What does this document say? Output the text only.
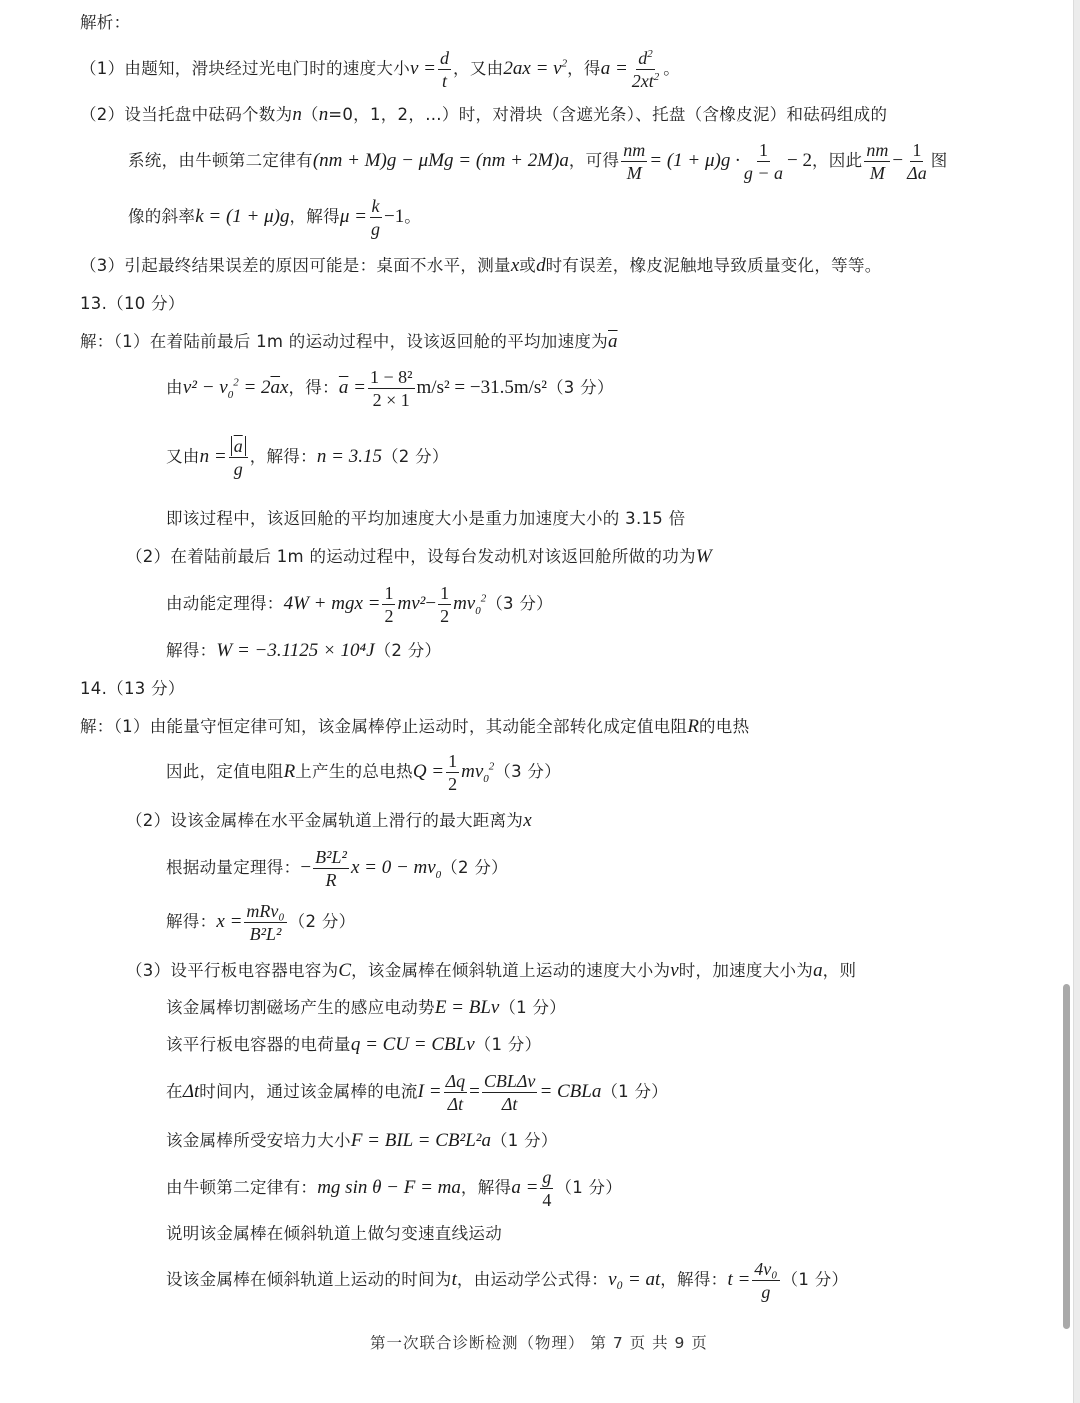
解析：
（1）由题知，滑块经过光电门时的速度大小 $v = \frac{d}{t}$ ，又由 $2ax = v^2$ ，得 $a = \frac{d^2}{2xt^2}$ 。
（2）设当托盘中砝码个数为 n （ n =0，1，2，…）时，对滑块（含遮光条）、托盘（含橡皮泥）和砝码组成的
系统，由牛顿第二定律有 (nm + M)g − μMg = (nm + 2M)a ，可得 $\frac{nm}{M} = (1 + \mu)g \cdot \frac{1}{g - a} - 2$ ，因此 $\frac{nm}{M} - \frac{1}{\Delta a}$ 图
像的斜率 k = (1 + μ)g ，解得 $\mu = \frac{k}{g} -1$ 。
（3）引起最终结果误差的原因可能是：桌面不水平，测量 x 或 d 时有误差，橡皮泥触地导致质量变化，等等。
13.（10 分）
解：（1）在着陆前最后 1m 的运动过程中，设该返回舱的平均加速度为 $\overline{a}$
由 $v^2 - v_0^2 = 2\overline{a}x$ ，得： $\overline{a} = \frac{\text{1 − 8²}}{2 \times 1} m/s^2 = -31.5m/s^2$ （3 分）
又由 $n = \frac{\overline{a}}{g}$ ，解得： n = 3.15 （2 分）
即该过程中，该返回舱的平均加速度大小是重力加速度大小的 3.15 倍
（2）在着陆前最后 1m 的运动过程中，设每台发动机对该返回舱所做的功为 W
由动能定理得： 4W + mgx = $\frac{1}{2} mv^2 - \frac{1}{2} mv_0^2$ （3 分）
解得： W = −3.1125 × 10⁴J （2 分）
14.（13 分）
解：（1）由能量守恒定律可知，该金属棒停止运动时，其动能全部转化成定值电阻 R 的电热
因此，定值电阻 R 上产生的总电热 $Q = \frac{1}{2} mv_0^2$ （3 分）
（2）设该金属棒在水平金属轨道上滑行的最大距离为 x
根据动量定理得： − $\frac{\text{B²L²}}{R}$ $x = 0 - mv_0$ （2 分）
解得： $x = \frac{\text{mRv₀}}{\text{B²L²}} (2$ 分）
（3）设平行板电容器电容为 C ，该金属棒在倾斜轨道上运动的速度大小为 v 时，加速度大小为 a ，则
该金属棒切割磁场产生的感应电动势 E = BLv （1 分）
该平行板电容器的电荷量 q = CU = CBLv （1 分）
在 Δt 时间内，通过该金属棒的电流 $I = \frac{\Delta q}{\Delta t} = \frac{\text{CBLΔv}}{\Delta t}$ = CBLa （1 分）
该金属棒所受安培力大小 F = BIL = CB²L²a （1 分）
由牛顿第二定律有： mg sin θ − F = ma ，解得 $a = \frac{g}{4} (1$ 分）
说明该金属棒在倾斜轨道上做匀变速直线运动
设该金属棒在倾斜轨道上运动的时间为 t ，由运动学公式得： v₀ = at ，解得： $t = \frac{\text{4v₀}}{g} (1$ 分）
第一次联合诊断检测（物理） 第 7 页 共 9 页
